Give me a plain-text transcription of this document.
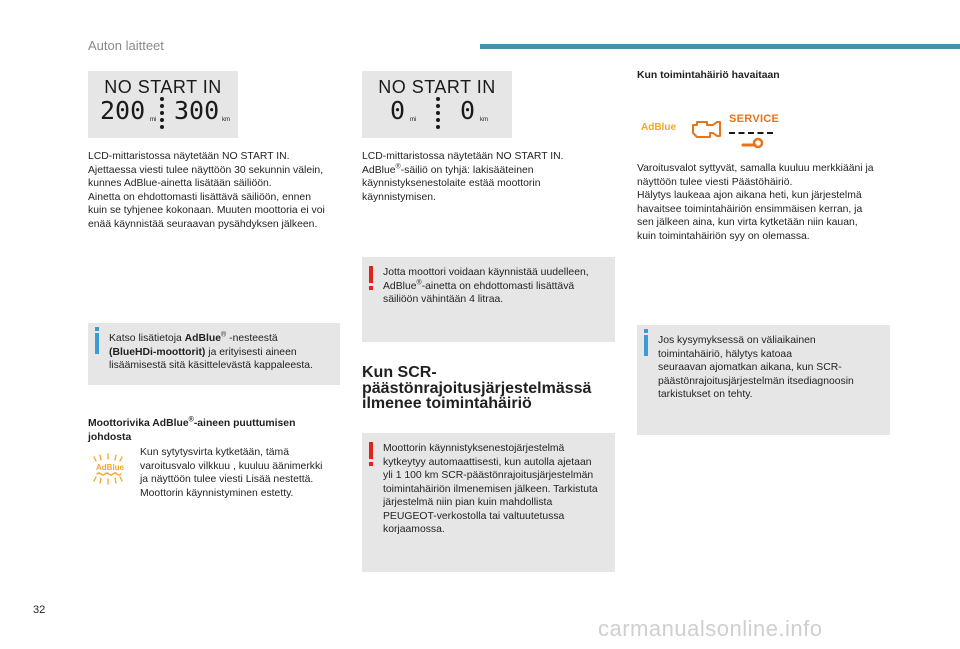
Auton laitteet
NO START IN
200 mi 300 km
NO START IN
0 mi 0 km
LCD-mittaristossa näytetään NO START IN.
Ajettaessa viesti tulee näyttöön 30 sekunnin välein,
kunnes AdBlue-ainetta lisätään säiliöön.
Ainetta on ehdottomasti lisättävä säiliöön, ennen
kuin se tyhjenee kokonaan. Muuten moottoria ei voi
enää käynnistää seuraavan pysähdyksen jälkeen.
Katso lisätietoja AdBlue® -nesteestä
(BlueHDi-moottorit) ja erityisesti aineen
lisäämisestä sitä käsittelevästä kappaleesta.
Moottorivika AdBlue®-aineen puuttumisen
johdosta
AdBlue
Kun sytytysvirta kytketään, tämä
varoitusvalo vilkkuu , kuuluu äänimerkki
ja näyttöön tulee viesti Lisää nestettä.
Moottorin käynnistyminen estetty.
LCD-mittaristossa näytetään NO START IN.
AdBlue®-säiliö on tyhjä: lakisääteinen
käynnistyksenestolaite estää moottorin
käynnistymisen.
Jotta moottori voidaan käynnistää uudelleen,
AdBlue®-ainetta on ehdottomasti lisättävä
säiliöön vähintään 4 litraa.
Kun SCR-
päästönrajoitusjärjestelmässä
ilmenee toimintahäiriö
Moottorin käynnistyksenestojärjestelmä
kytkeytyy automaattisesti, kun autolla ajetaan
yli 1 100 km SCR-päästönrajoitusjärjestelmän
toimintahäiriön ilmenemisen jälkeen. Tarkistuta
järjestelmä niin pian kuin mahdollista
PEUGEOT-verkostolla tai valtuutetussa
korjaamossa.
Kun toimintahäiriö havaitaan
AdBlue
SERVICE
Varoitusvalot syttyvät, samalla kuuluu merkkiääni ja
näyttöön tulee viesti Päästöhäiriö.
Hälytys laukeaa ajon aikana heti, kun järjestelmä
havaitsee toimintahäiriön ensimmäisen kerran, ja
sen jälkeen aina, kun virta kytketään niin kauan,
kuin toimintahäiriön syy on olemassa.
Jos kysymyksessä on väliaikainen
toimintahäiriö, hälytys katoaa
seuraavan ajomatkan aikana, kun SCR-
päästönrajoitusjärjestelmän itsediagnoosin
tarkistukset on tehty.
32
carmanualsonline.info
